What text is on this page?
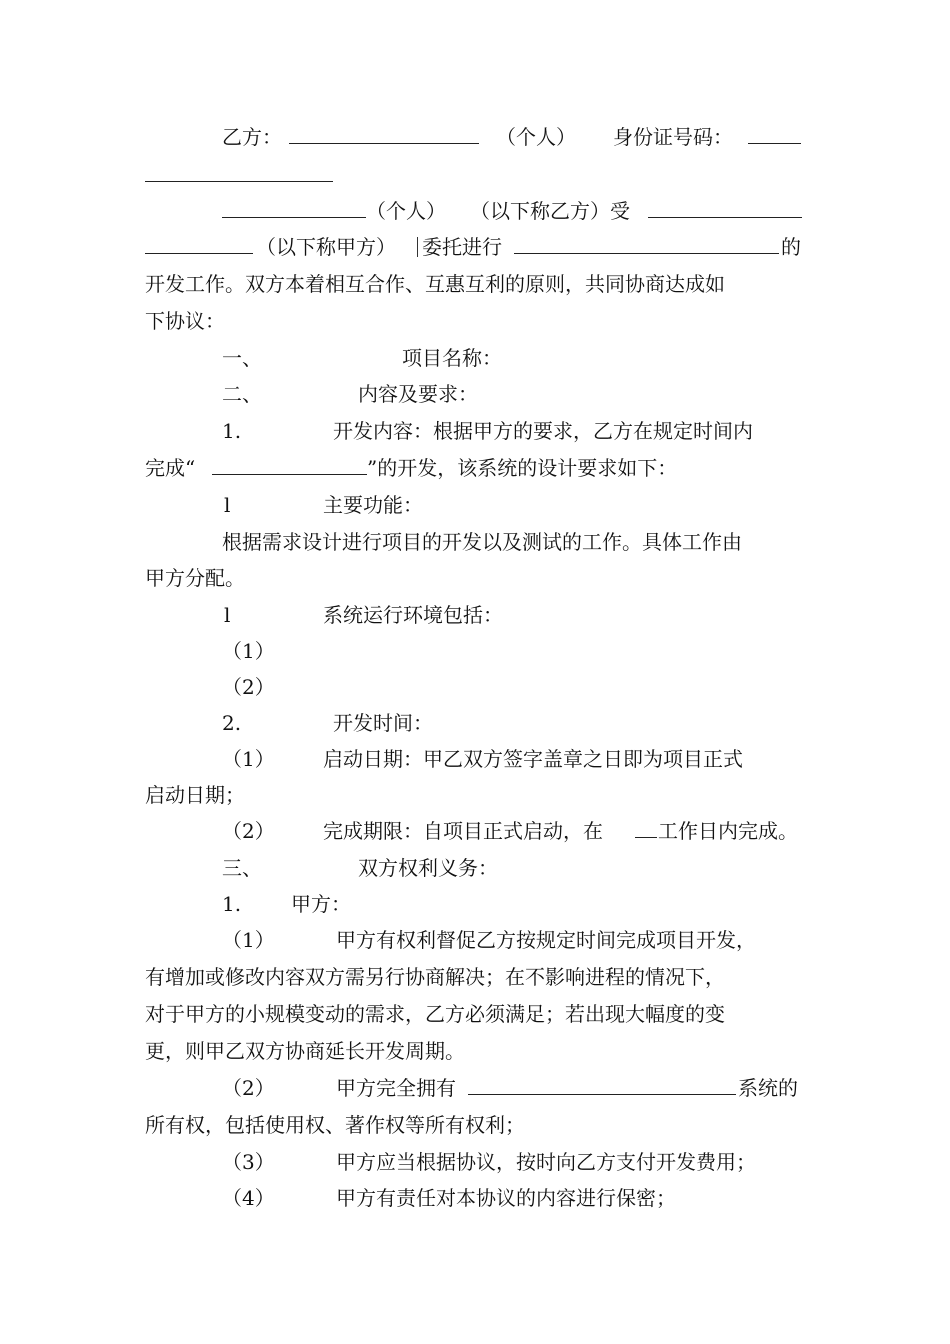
乙方：

	（个人）

身份证号码：

（个人）

（以下称乙方）受

（以下称甲方）

委托进行

	的

开发工作。双方本着相互合作、互惠互利的原则，共同协商达成如

下协议：

一、

	项目名称：

二、

	内容及要求：

1.

	开发内容：根据甲方的要求，乙方在规定时间内

完成“

	”的开发，该系统的设计要求如下：

l

	主要功能：

根据需求设计进行项目的开发以及测试的工作。具体工作由

甲方分配。

l

	系统运行环境包括：

（1）

（2）

2.

	开发时间：

（1）

启动日期：甲乙双方签字盖章之日即为项目正式

启动日期；

（2）

完成期限：自项目正式启动，在

	工作日内完成。

三、

	双方权利义务：

1.

甲方：

（1）

	甲方有权利督促乙方按规定时间完成项目开发，

有增加或修改内容双方需另行协商解决；在不影响进程的情况下，

对于甲方的小规模变动的需求，乙方必须满足；若出现大幅度的变

更，则甲乙双方协商延长开发周期。

（2）

	甲方完全拥有

	系统的

所有权，包括使用权、著作权等所有权利；

（3）

	甲方应当根据协议，按时向乙方支付开发费用；

（4）

	甲方有责任对本协议的内容进行保密；
